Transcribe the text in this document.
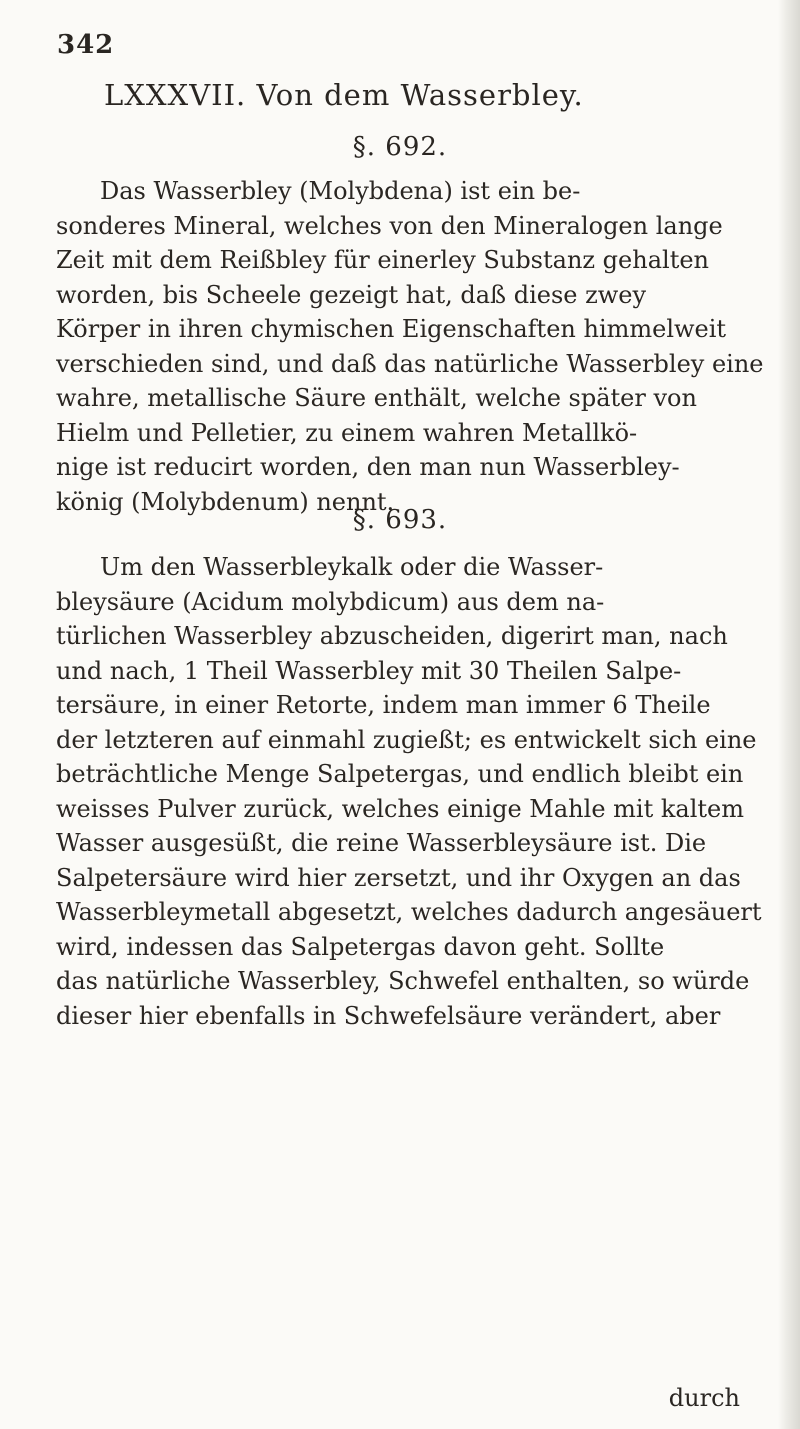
342
LXXXVII. Von dem Wasserbley.
§. 692.
Das Wasserbley (Molybdena) ist ein be-
sonderes Mineral, welches von den Mineralogen lange
Zeit mit dem Reißbley für einerley Substanz gehalten
worden, bis Scheele gezeigt hat, daß diese zwey
Körper in ihren chymischen Eigenschaften himmelweit
verschieden sind, und daß das natürliche Wasserbley eine
wahre, metallische Säure enthält, welche später von
Hielm und Pelletier, zu einem wahren Metallkö-
nige ist reducirt worden, den man nun Wasserbley-
könig (Molybdenum) nennt.
§. 693.
Um den Wasserbleykalk oder die Wasser-
bleysäure (Acidum molybdicum) aus dem na-
türlichen Wasserbley abzuscheiden, digerirt man, nach
und nach, 1 Theil Wasserbley mit 30 Theilen Salpe-
tersäure, in einer Retorte, indem man immer 6 Theile
der letzteren auf einmahl zugießt; es entwickelt sich eine
beträchtliche Menge Salpetergas, und endlich bleibt ein
weisses Pulver zurück, welches einige Mahle mit kaltem
Wasser ausgesüßt, die reine Wasserbleysäure ist. Die
Salpetersäure wird hier zersetzt, und ihr Oxygen an das
Wasserbleymetall abgesetzt, welches dadurch angesäuert
wird, indessen das Salpetergas davon geht. Sollte
das natürliche Wasserbley, Schwefel enthalten, so würde
dieser hier ebenfalls in Schwefelsäure verändert, aber
durch
